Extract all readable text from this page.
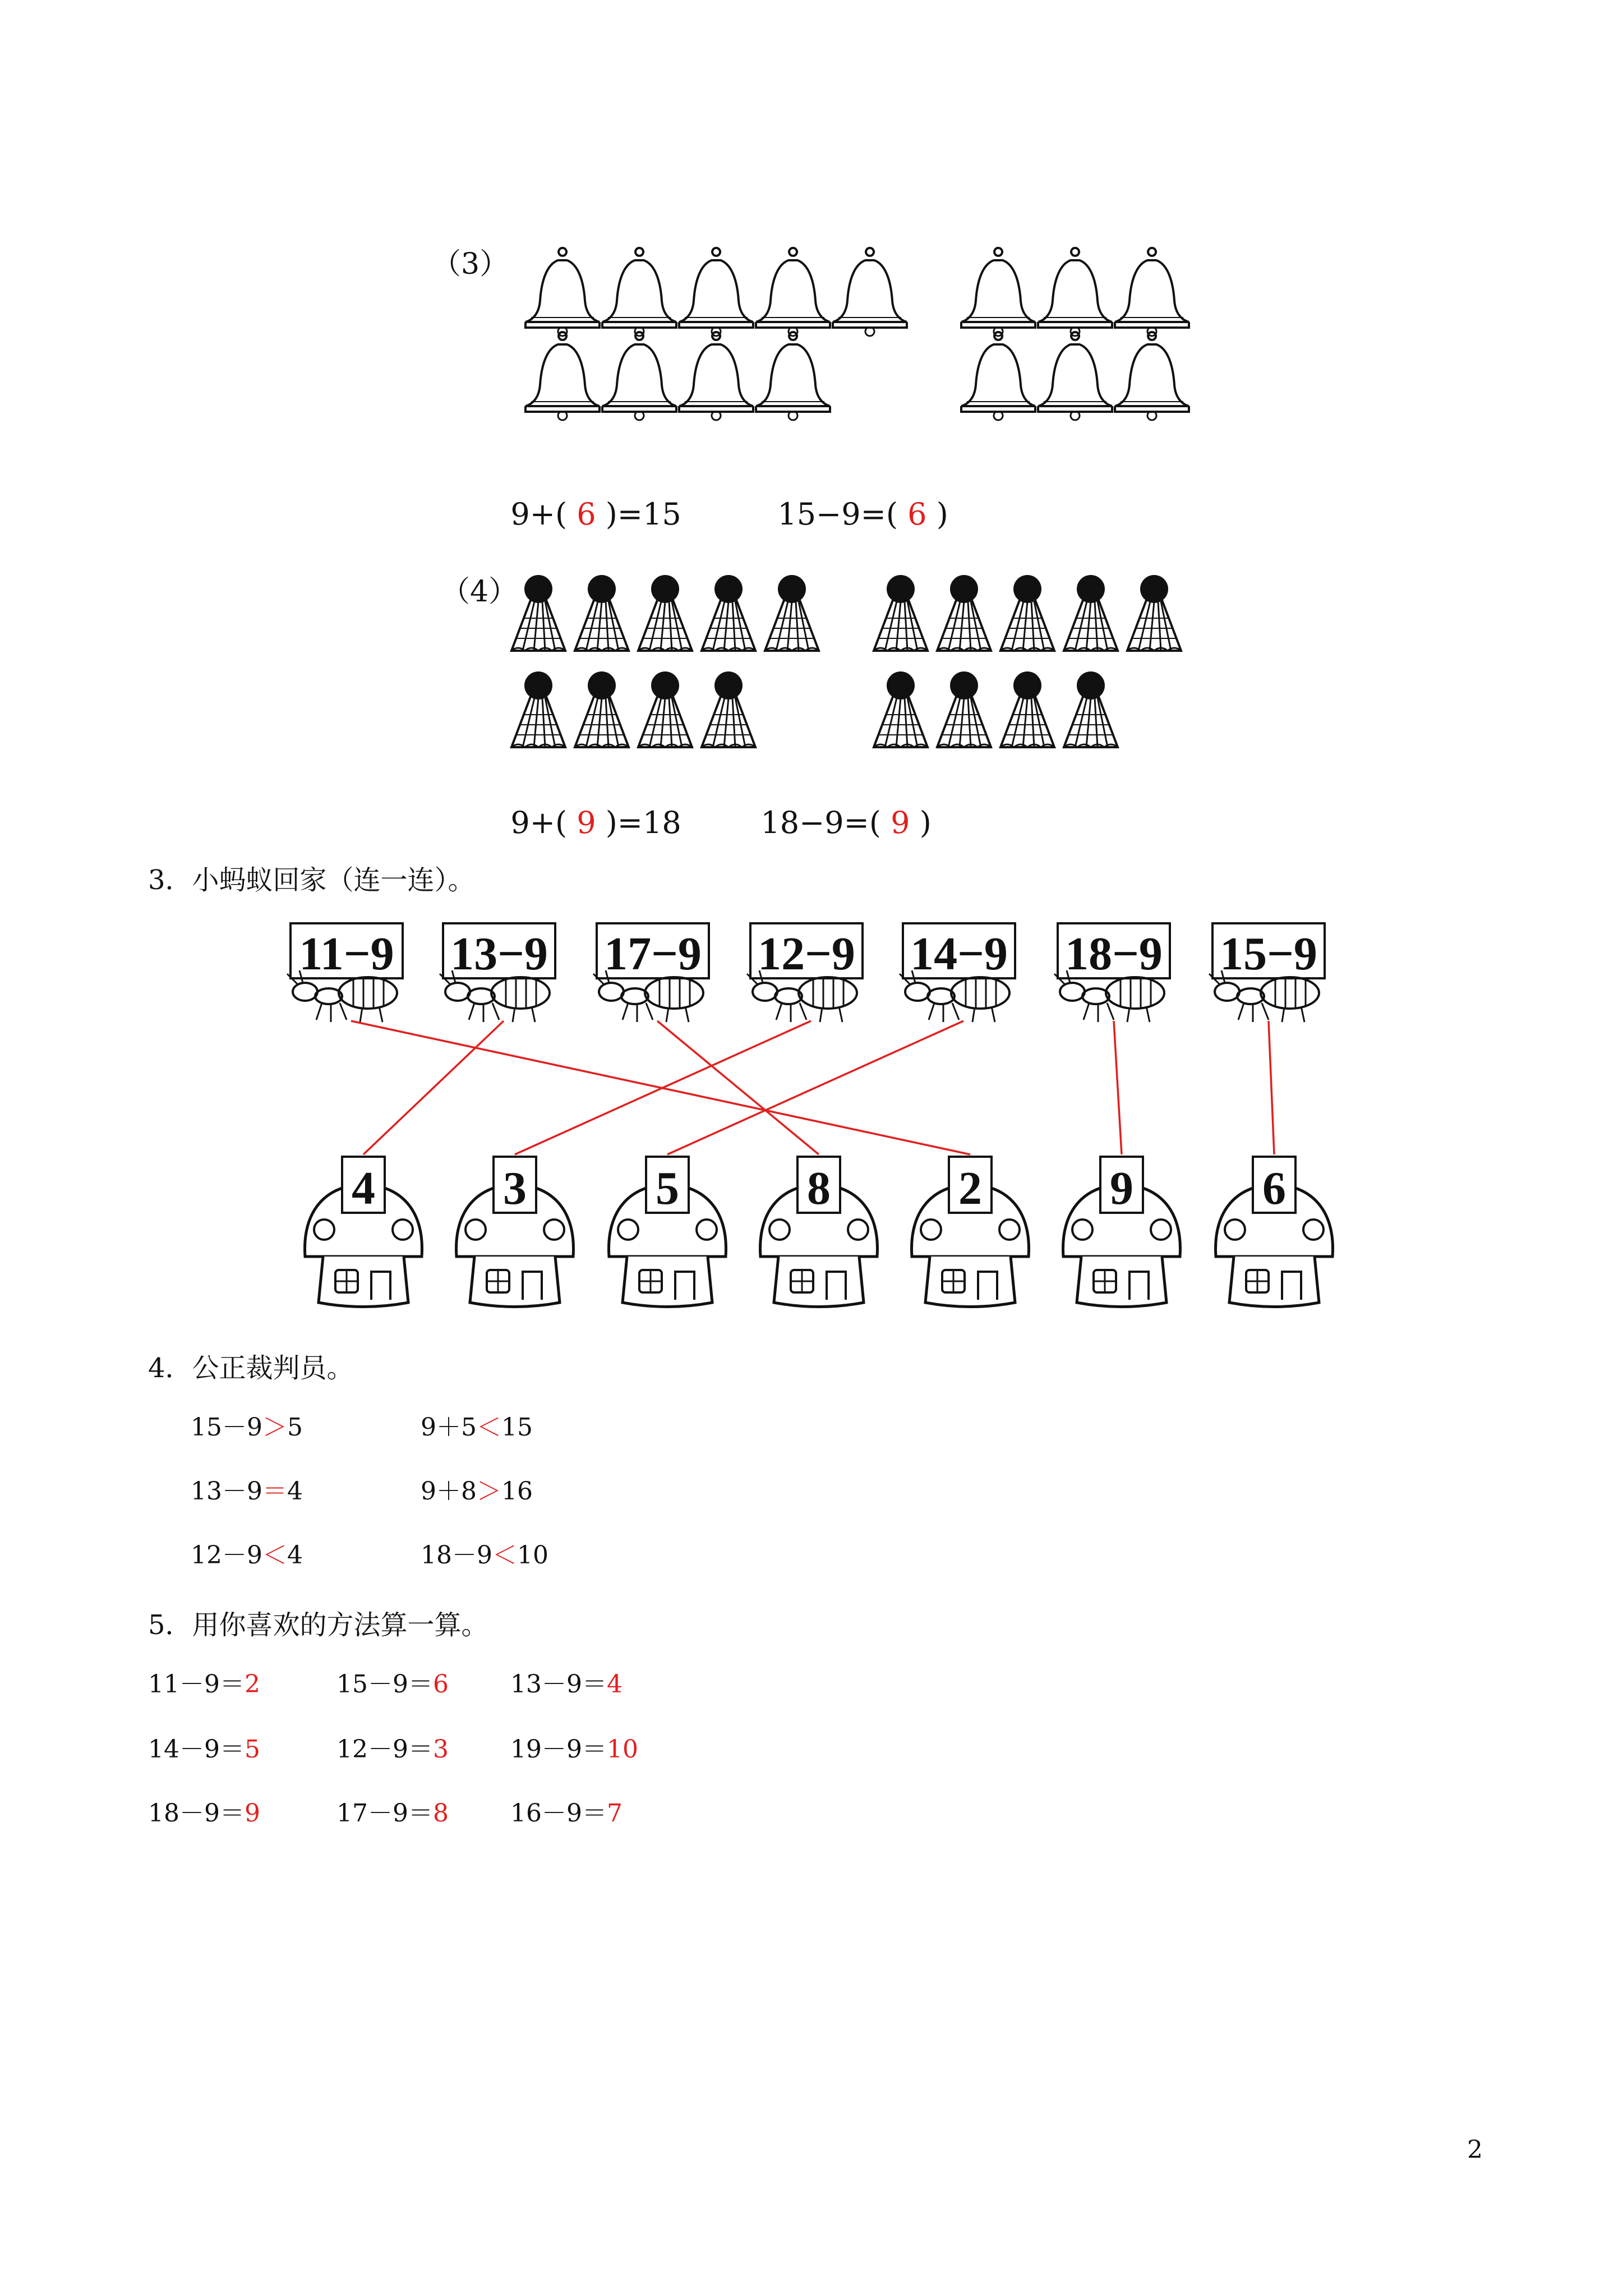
（3）

9+( 6 )=15	15−9=( 6 )

（4）

9+( 9 )=18	18−9=( 9 )

3．小蚂蚁回家（连一连）。
11−9 13−9 17−9 12−9 14−9 18−9 15−9
4	3	5	8	2	9	6
4．公正裁判员。
15－9＞5	9＋5＜15
13－9＝4	9＋8＞16
12－9＜4	18－9＜10
5．用你喜欢的方法算一算。
11－9＝2	15－9＝6	13－9＝4
14－9＝5	12－9＝3	19－9＝10
18－9＝9	17－9＝8	16－9＝7
2
